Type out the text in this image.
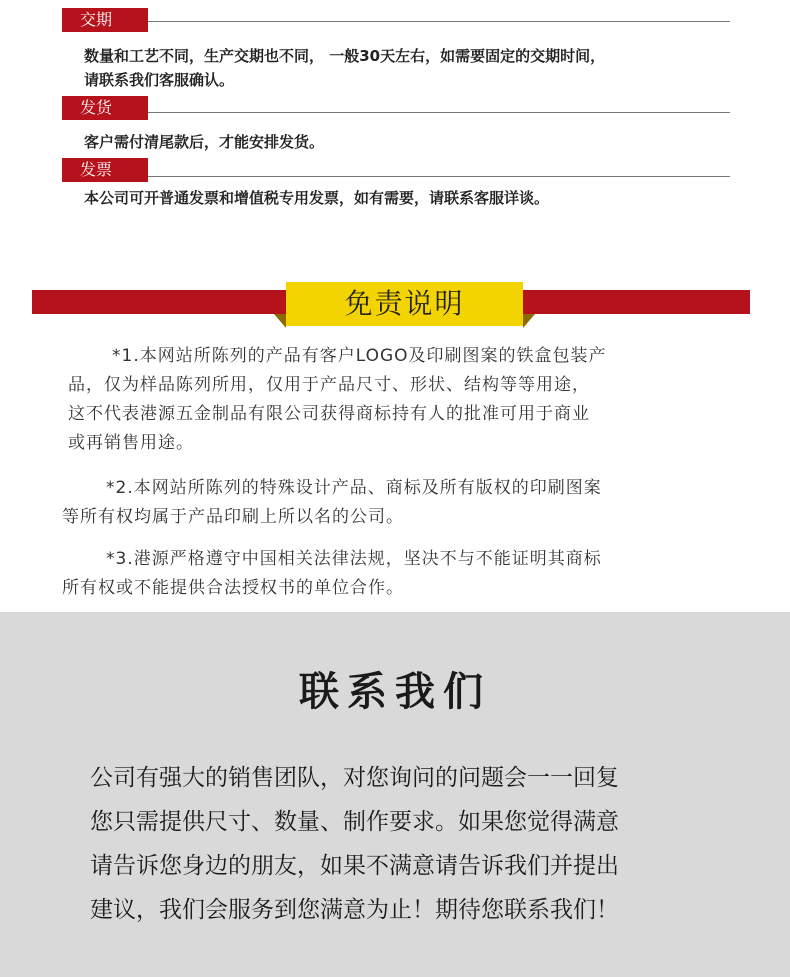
交期
数量和工艺不同，生产交期也不同， 一般30天左右，如需要固定的交期时间，
请联系我们客服确认。
发货
客户需付清尾款后，才能安排发货。
发票
本公司可开普通发票和增值税专用发票，如有需要，请联系客服详谈。
免责说明
*1.本网站所陈列的产品有客户LOGO及印刷图案的铁盒包装产
品，仅为样品陈列所用，仅用于产品尺寸、形状、结构等等用途，
这不代表港源五金制品有限公司获得商标持有人的批准可用于商业
或再销售用途。
*2.本网站所陈列的特殊设计产品、商标及所有版权的印刷图案
等所有权均属于产品印刷上所以名的公司。
*3.港源严格遵守中国相关法律法规，坚决不与不能证明其商标
所有权或不能提供合法授权书的单位合作。
联系我们
公司有强大的销售团队，对您询问的问题会一一回复
您只需提供尺寸、数量、制作要求。如果您觉得满意
请告诉您身边的朋友，如果不满意请告诉我们并提出
建议，我们会服务到您满意为止！期待您联系我们！
